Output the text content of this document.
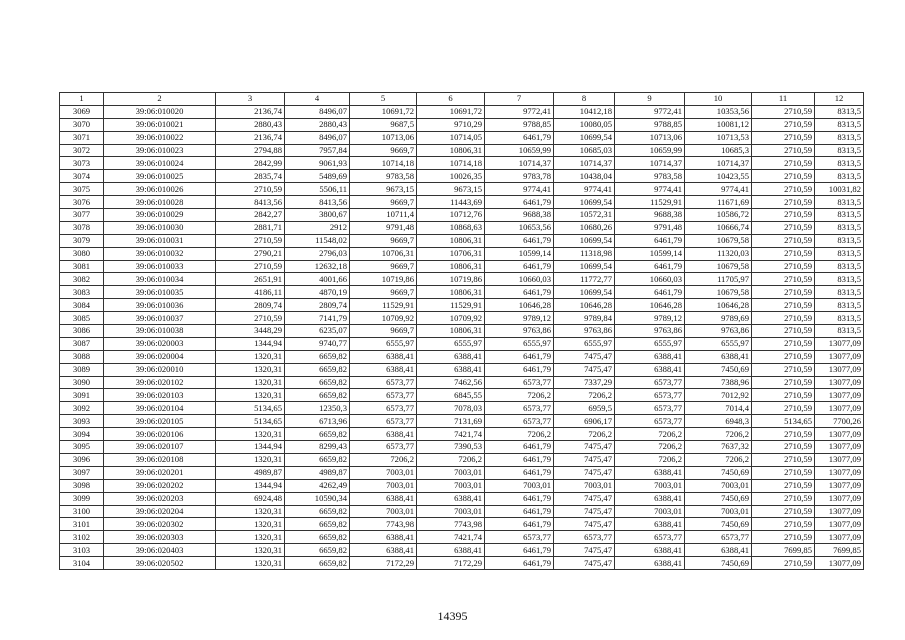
1	2	3	4	5	6	7	8	9	10	11	12
3069	39:06:010020	2136,74	8496,07	10691,72	10691,72	9772,41	10412,18	9772,41	10353,56	2710,59	8313,5
3070	39:06:010021	2880,43	2880,43	9687,5	9710,29	9788,85	10080,05	9788,85	10081,12	2710,59	8313,5
3071	39:06:010022	2136,74	8496,07	10713,06	10714,05	6461,79	10699,54	10713,06	10713,53	2710,59	8313,5
3072	39:06:010023	2794,88	7957,84	9669,7	10806,31	10659,99	10685,03	10659,99	10685,3	2710,59	8313,5
3073	39:06:010024	2842,99	9061,93	10714,18	10714,18	10714,37	10714,37	10714,37	10714,37	2710,59	8313,5
3074	39:06:010025	2835,74	5489,69	9783,58	10026,35	9783,78	10438,04	9783,58	10423,55	2710,59	8313,5
3075	39:06:010026	2710,59	5506,11	9673,15	9673,15	9774,41	9774,41	9774,41	9774,41	2710,59	10031,82
3076	39:06:010028	8413,56	8413,56	9669,7	11443,69	6461,79	10699,54	11529,91	11671,69	2710,59	8313,5
3077	39:06:010029	2842,27	3800,67	10711,4	10712,76	9688,38	10572,31	9688,38	10586,72	2710,59	8313,5
3078	39:06:010030	2881,71	2912	9791,48	10868,63	10653,56	10680,26	9791,48	10666,74	2710,59	8313,5
3079	39:06:010031	2710,59	11548,02	9669,7	10806,31	6461,79	10699,54	6461,79	10679,58	2710,59	8313,5
3080	39:06:010032	2790,21	2796,03	10706,31	10706,31	10599,14	11318,98	10599,14	11320,03	2710,59	8313,5
3081	39:06:010033	2710,59	12632,18	9669,7	10806,31	6461,79	10699,54	6461,79	10679,58	2710,59	8313,5
3082	39:06:010034	2651,91	4001,66	10719,86	10719,86	10660,03	11772,77	10660,03	11705,97	2710,59	8313,5
3083	39:06:010035	4186,11	4870,19	9669,7	10806,31	6461,79	10699,54	6461,79	10679,58	2710,59	8313,5
3084	39:06:010036	2809,74	2809,74	11529,91	11529,91	10646,28	10646,28	10646,28	10646,28	2710,59	8313,5
3085	39:06:010037	2710,59	7141,79	10709,92	10709,92	9789,12	9789,84	9789,12	9789,69	2710,59	8313,5
3086	39:06:010038	3448,29	6235,07	9669,7	10806,31	9763,86	9763,86	9763,86	9763,86	2710,59	8313,5
3087	39:06:020003	1344,94	9740,77	6555,97	6555,97	6555,97	6555,97	6555,97	6555,97	2710,59	13077,09
3088	39:06:020004	1320,31	6659,82	6388,41	6388,41	6461,79	7475,47	6388,41	6388,41	2710,59	13077,09
3089	39:06:020010	1320,31	6659,82	6388,41	6388,41	6461,79	7475,47	6388,41	7450,69	2710,59	13077,09
3090	39:06:020102	1320,31	6659,82	6573,77	7462,56	6573,77	7337,29	6573,77	7388,96	2710,59	13077,09
3091	39:06:020103	1320,31	6659,82	6573,77	6845,55	7206,2	7206,2	6573,77	7012,92	2710,59	13077,09
3092	39:06:020104	5134,65	12350,3	6573,77	7078,03	6573,77	6959,5	6573,77	7014,4	2710,59	13077,09
3093	39:06:020105	5134,65	6713,96	6573,77	7131,69	6573,77	6906,17	6573,77	6948,3	5134,65	7700,26
3094	39:06:020106	1320,31	6659,82	6388,41	7421,74	7206,2	7206,2	7206,2	7206,2	2710,59	13077,09
3095	39:06:020107	1344,94	8299,43	6573,77	7390,53	6461,79	7475,47	7206,2	7637,32	2710,59	13077,09
3096	39:06:020108	1320,31	6659,82	7206,2	7206,2	6461,79	7475,47	7206,2	7206,2	2710,59	13077,09
3097	39:06:020201	4989,87	4989,87	7003,01	7003,01	6461,79	7475,47	6388,41	7450,69	2710,59	13077,09
3098	39:06:020202	1344,94	4262,49	7003,01	7003,01	7003,01	7003,01	7003,01	7003,01	2710,59	13077,09
3099	39:06:020203	6924,48	10590,34	6388,41	6388,41	6461,79	7475,47	6388,41	7450,69	2710,59	13077,09
3100	39:06:020204	1320,31	6659,82	7003,01	7003,01	6461,79	7475,47	7003,01	7003,01	2710,59	13077,09
3101	39:06:020302	1320,31	6659,82	7743,98	7743,98	6461,79	7475,47	6388,41	7450,69	2710,59	13077,09
3102	39:06:020303	1320,31	6659,82	6388,41	7421,74	6573,77	6573,77	6573,77	6573,77	2710,59	13077,09
3103	39:06:020403	1320,31	6659,82	6388,41	6388,41	6461,79	7475,47	6388,41	6388,41	7699,85	7699,85
3104	39:06:020502	1320,31	6659,82	7172,29	7172,29	6461,79	7475,47	6388,41	7450,69	2710,59	13077,09
14395
